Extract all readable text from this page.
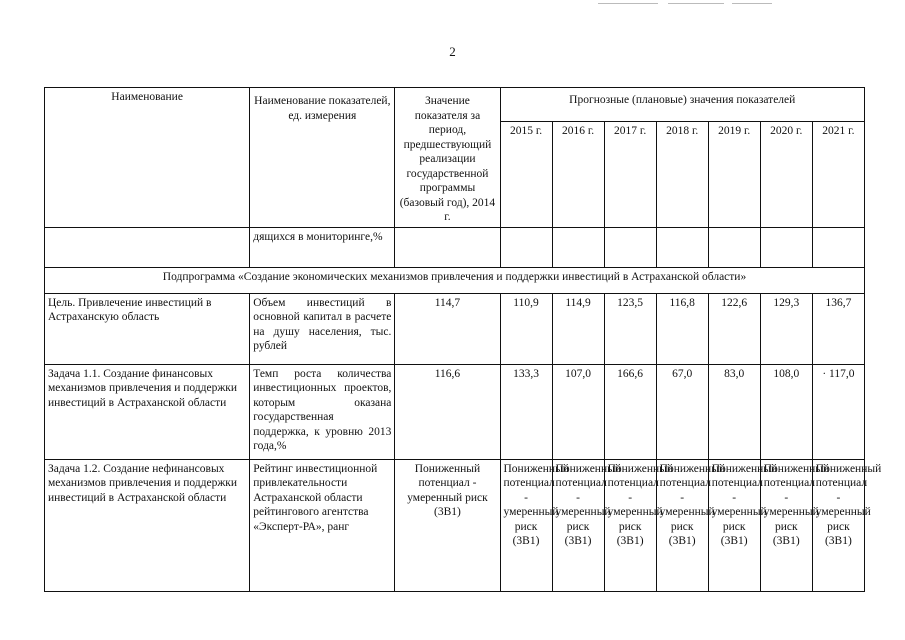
2
Наименование	Наименование показателей, ед. измерения	Значение показателя за период, предшествующий реализации государственной программы (базовый год), 2014 г.	Прогнозные (плановые) значения показателей						
			2015 г.	2016 г.	2017 г.	2018 г.	2019 г.	2020 г.	2021 г.
	дящихся в мониторинге,%								
Подпрограмма «Создание экономических механизмов привлечения и поддержки инвестиций в Астраханской области»									
Цель. Привлечение инвестиций в Астраханскую область	Объем инвестиций в основной капитал в расчете на душу населения, тыс. рублей	114,7	110,9	114,9	123,5	116,8	122,6	129,3	136,7
Задача 1.1. Создание финансовых механизмов привлечения и поддержки инвестиций в Астраханской области	Темп роста количества инвестиционных проектов, которым оказана государственная поддержка, к уровню 2013 года,%	116,6	133,3	107,0	166,6	67,0	83,0	108,0	· 117,0
Задача 1.2. Создание нефинансовых механизмов привлечения и поддержки инвестиций в Астраханской области	Рейтинг инвестиционной привлекательности Астраханской области рейтингового агентства «Эксперт-РА», ранг	Пониженный потенциал - умеренный риск (3В1)	Пониженный потенциал - умеренный риск (3В1)	Пониженный потенциал - умеренный риск (3В1)	Пониженный потенциал - умеренный риск (3В1)	Пониженный потенциал - умеренный риск (3В1)	Пониженный потенциал - умеренный риск (3В1)	Пониженный потенциал - умеренный риск (3В1)	Пониженный потенциал - умеренный риск (3В1)
